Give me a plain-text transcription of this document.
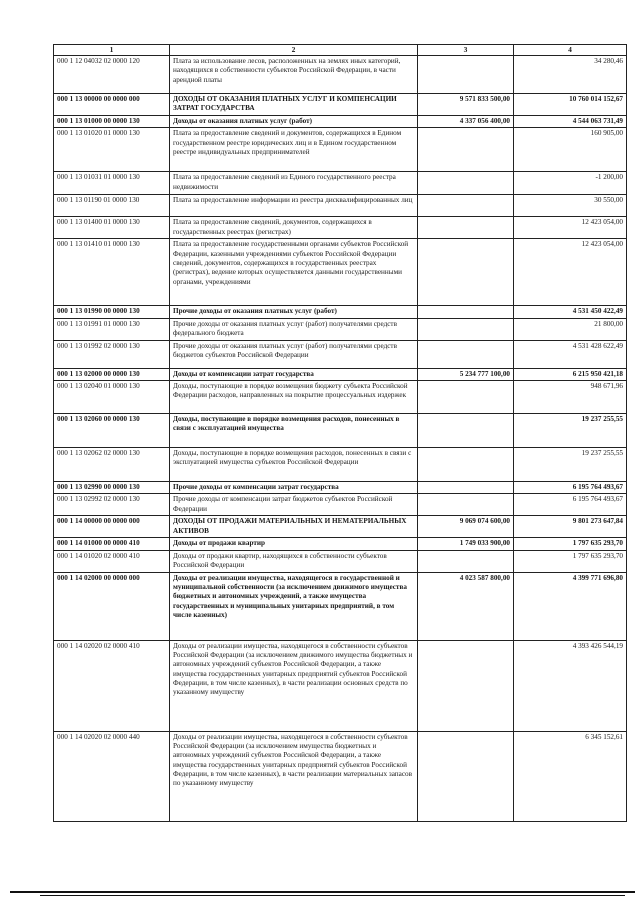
1	2	3	4
000 1 12 04032 02 0000 120	Плата за использование лесов, расположенных на землях иных категорий, находящихся в собственности субъектов Российской Федерации, в части арендной платы		34 280,46
000 1 13 00000 00 0000 000	ДОХОДЫ ОТ ОКАЗАНИЯ ПЛАТНЫХ УСЛУГ И КОМПЕНСАЦИИ ЗАТРАТ ГОСУДАРСТВА	9 571 833 500,00	10 760 014 152,67
000 1 13 01000 00 0000 130	Доходы от оказания платных услуг (работ)	4 337 056 400,00	4 544 063 731,49
000 1 13 01020 01 0000 130	Плата за предоставление сведений и документов, содержащихся в Едином государственном реестре юридических лиц и в Едином государственном реестре индивидуальных предпринимателей		160 905,00
000 1 13 01031 01 0000 130	Плата за предоставление сведений из Единого государственного реестра недвижимости		-1 200,00
000 1 13 01190 01 0000 130	Плата за предоставление информации из реестра дисквалифицированных лиц		30 550,00
000 1 13 01400 01 0000 130	Плата за предоставление сведений, документов, содержащихся в государственных реестрах (регистрах)		12 423 054,00
000 1 13 01410 01 0000 130	Плата за предоставление государственными органами субъектов Российской Федерации, казенными учреждениями субъектов Российской Федерации сведений, документов, содержащихся в государственных реестрах (регистрах), ведение которых осуществляется данными государственными органами, учреждениями		12 423 054,00
000 1 13 01990 00 0000 130	Прочие доходы от оказания платных услуг (работ)		4 531 450 422,49
000 1 13 01991 01 0000 130	Прочие доходы от оказания платных услуг (работ) получателями средств федерального бюджета		21 800,00
000 1 13 01992 02 0000 130	Прочие доходы от оказания платных услуг (работ) получателями средств бюджетов субъектов Российской Федерации		4 531 428 622,49
000 1 13 02000 00 0000 130	Доходы от компенсации затрат государства	5 234 777 100,00	6 215 950 421,18
000 1 13 02040 01 0000 130	Доходы, поступающие в порядке возмещения бюджету субъекта Российской Федерации расходов, направленных на покрытие процессуальных издержек		948 671,96
000 1 13 02060 00 0000 130	Доходы, поступающие в порядке возмещения расходов, понесенных в связи с эксплуатацией имущества		19 237 255,55
000 1 13 02062 02 0000 130	Доходы, поступающие в порядке возмещения расходов, понесенных в связи с эксплуатацией имущества субъектов Российской Федерации		19 237 255,55
000 1 13 02990 00 0000 130	Прочие доходы от компенсации затрат государства		6 195 764 493,67
000 1 13 02992 02 0000 130	Прочие доходы от компенсации затрат бюджетов субъектов Российской Федерации		6 195 764 493,67
000 1 14 00000 00 0000 000	ДОХОДЫ ОТ ПРОДАЖИ МАТЕРИАЛЬНЫХ И НЕМАТЕРИАЛЬНЫХ АКТИВОВ	9 069 074 600,00	9 801 273 647,84
000 1 14 01000 00 0000 410	Доходы от продажи квартир	1 749 033 900,00	1 797 635 293,70
000 1 14 01020 02 0000 410	Доходы от продажи квартир, находящихся в собственности субъектов Российской Федерации		1 797 635 293,70
000 1 14 02000 00 0000 000	Доходы от реализации имущества, находящегося в государственной и муниципальной собственности (за исключением движимого имущества бюджетных и автономных учреждений, а также имущества государственных и муниципальных унитарных предприятий, в том числе казенных)	4 023 587 800,00	4 399 771 696,80
000 1 14 02020 02 0000 410	Доходы от реализации имущества, находящегося в собственности субъектов Российской Федерации (за исключением движимого имущества бюджетных и автономных учреждений субъектов Российской Федерации, а также имущества государственных унитарных предприятий субъектов Российской Федерации, в том числе казенных), в части реализации основных средств по указанному имуществу		4 393 426 544,19
000 1 14 02020 02 0000 440	Доходы от реализации имущества, находящегося в собственности субъектов Российской Федерации (за исключением имущества бюджетных и автономных учреждений субъектов Российской Федерации, а также имущества государственных унитарных предприятий субъектов Российской Федерации, в том числе казенных), в части реализации материальных запасов по указанному имуществу		6 345 152,61
